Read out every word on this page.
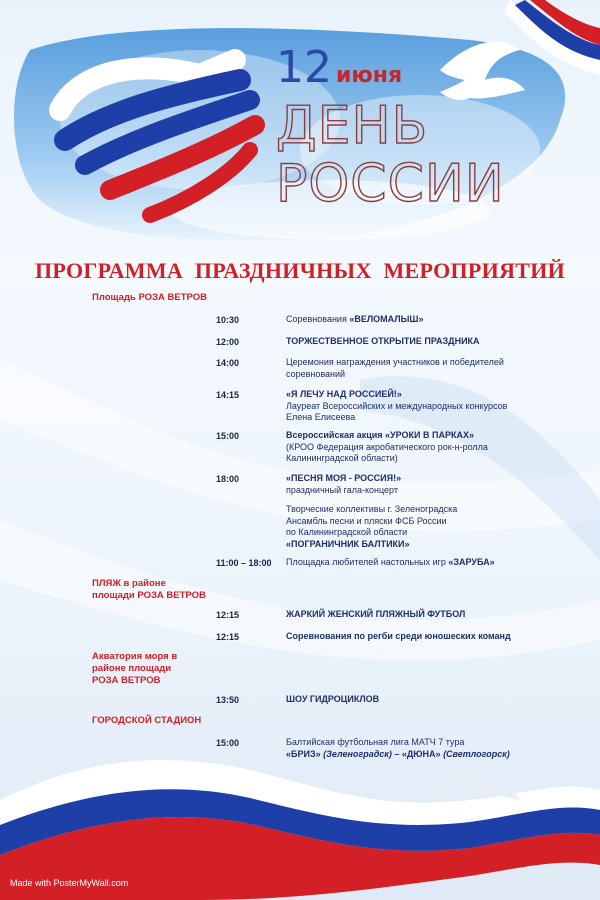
12 июня
ДЕНЬ
РОССИИ
ПРОГРАММА ПРАЗДНИЧНЫХ МЕРОПРИЯТИЙ
Площадь РОЗА ВЕТРОВ
10:30	Соревнования «ВЕЛОМАЛЫШ»
12:00	ТОРЖЕСТВЕННОЕ ОТКРЫТИЕ ПРАЗДНИКА
14:00	Церемония награждения участников и победителей
соревнований
14:15	«Я ЛЕЧУ НАД РОССИЕЙ!»
Лауреат Всероссийских и международных конкурсов
Елена Елисеева
15:00	Всероссийская акция «УРОКИ В ПАРКАХ»
(КРОО Федерация акробатического рок-н-ролла
Калининградской области)
18:00	«ПЕСНЯ МОЯ - РОССИЯ!»
праздничный гала-концерт
Творческие коллективы г. Зеленоградска
Ансамбль песни и пляски ФСБ России
по Калининградской области
«ПОГРАНИЧНИК БАЛТИКИ»
11:00 – 18:00 Площадка любителей настольных игр «ЗАРУБА»
ПЛЯЖ в районе
площади РОЗА ВЕТРОВ
12:15	ЖАРКИЙ ЖЕНСКИЙ ПЛЯЖНЫЙ ФУТБОЛ
12:15	Соревнования по регби среди юношеских команд
Акватория моря в
районе площади
РОЗА ВЕТРОВ
13:50	ШОУ ГИДРОЦИКЛОВ
ГОРОДСКОЙ СТАДИОН
15:00	Балтийская футбольная лига МАТЧ 7 тура
«БРИЗ» (Зеленоградск) – «ДЮНА» (Светлогорск)
Made with PosterMyWall.com
